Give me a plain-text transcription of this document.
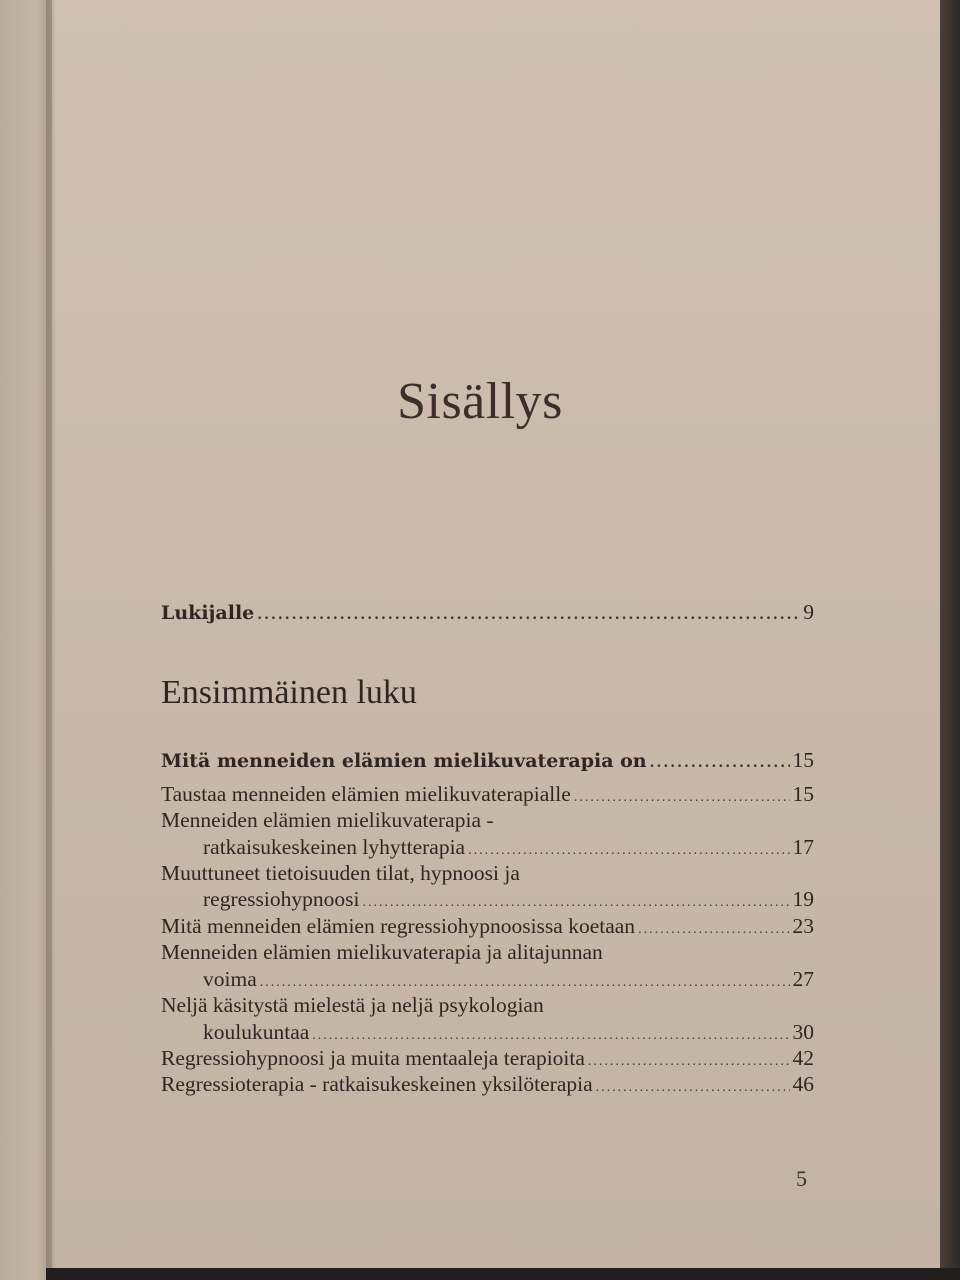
Sisällys
Lukijalle .....	9
Ensimmäinen luku
Mitä menneiden elämien mielikuvaterapia on .....	15
Taustaa menneiden elämien mielikuvaterapialle .....	15
Menneiden elämien mielikuvaterapia -
ratkaisukeskeinen lyhytterapia .....	17
Muuttuneet tietoisuuden tilat, hypnoosi ja
regressiohypnoosi .....	19
Mitä menneiden elämien regressiohypnoosissa koetaan .....	23
Menneiden elämien mielikuvaterapia ja alitajunnan
voima .....	27
Neljä käsitystä mielestä ja neljä psykologian
koulukuntaa .....	30
Regressiohypnoosi ja muita mentaaleja terapioita .....	42
Regressioterapia - ratkaisukeskeinen yksilöterapia .....	46
5
